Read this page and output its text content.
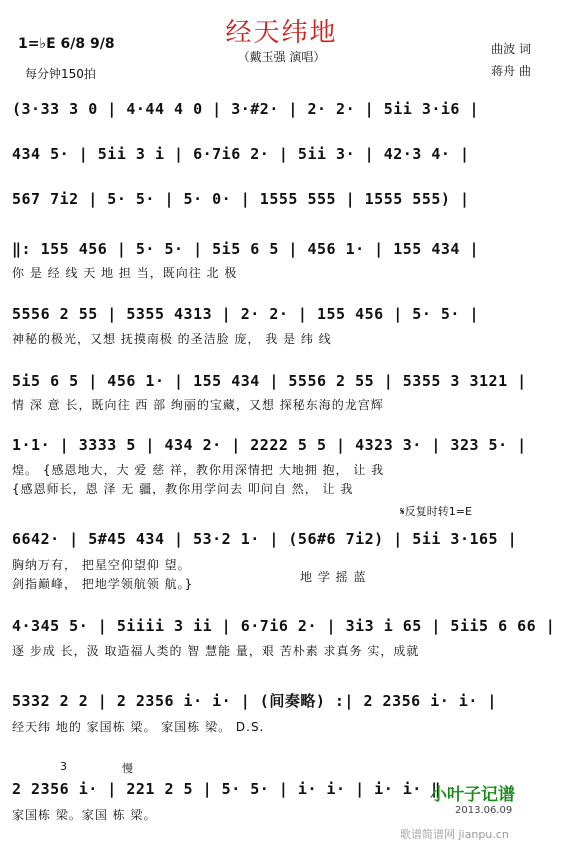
经天纬地
（戴玉强 演唱）
1=♭E 6/8 9/8
每分钟150拍
曲波 词
蒋舟 曲
(3·33 3 0 | 4·44 4 0 | 3·#2· | 2· 2· | 5ii 3·i6 |
434 5· | 5ii 3 i | 6·7i6 2· | 5ii 3· | 42·3 4· |
567 7i2 | 5· 5· | 5· 0· | 1555 555 | 1555 555) |
‖: 155 456 | 5· 5· | 5i5 6 5 | 456 1· | 155 434 |
你 是 经 线 天 地 担 当，既向往 北 极
5556 2 55 | 5355 4313 | 2· 2· | 155 456 | 5· 5· |
神秘的极光，又想 抚摸南极 的圣洁脸 庞， 我 是 纬 线
5i5 6 5 | 456 1· | 155 434 | 5556 2 55 | 5355 3 3121 |
情 深 意 长，既向往 西 部 绚丽的宝藏，又想 探秘东海的龙宫辉
1·1· | 3333 5 | 434 2· | 2222 5 5 | 4323 3· | 323 5· |
煌。 {感恩地大，大 爱 慈 祥，教你用深情把 大地拥 抱， 让 我
{感恩师长，恩 泽 无 疆，教你用学问去 叩问自 然， 让 我
𝄋反复时转1=E
6642· | 5#45 434 | 53·2 1· | (56#6 7i2) | 5ii 3·165 |
胸纳万有， 把星空仰望仰 望。
剑指巅峰， 把地学领航领 航。}	地 学 摇 蓝
4·345 5· | 5iiii 3 ii | 6·7i6 2· | 3i3 i 65 | 5ii5 6 66 |
逐 步成 长，汲 取造福人类的 智 慧能 量，艰 苦朴素 求真务 实，成就
5332 2 2 | 2 2356 i· i· | (间奏略) :| 2 2356 i· i· |
经天纬 地的 家国栋 梁。 家国栋 梁。 D.S.
3	慢
2 2356 i· | 221 2 5 | 5· 5· | i· i· | i· i· ‖
家国栋 梁。家国 栋 梁。
小叶子记谱
2013.06.09
歌谱简谱网 jianpu.cn
